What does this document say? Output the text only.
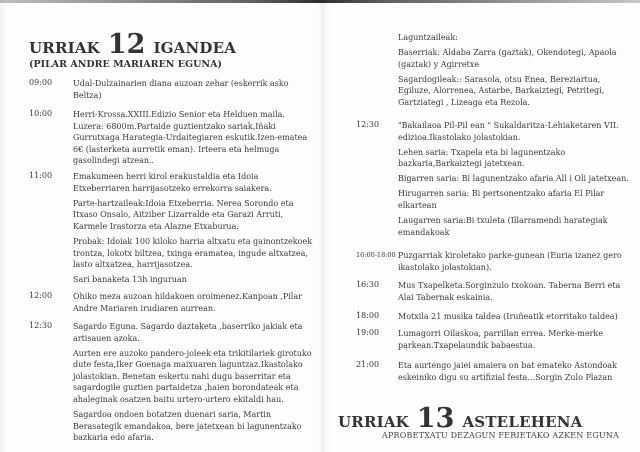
URRIAK 12 IGANDEA
(PILAR ANDRE MARIAREN EGUNA)
09:00	Udal-Dulzainarien diana auzoan zehar (eskerrik asko Beltza)

10:00	Herri-Krossa.XXIII.Edizio Senior eta Helduen maila. Luzera: 6800m.Partaide guztientzako sariak,Iñaki Gurrutxaga Harategia-Urdaitegiaren eskutik.Izen-ematea 6€ (lasterketa aurretik eman). Irteera eta helmuga gasolindegi atzean..

11:00	Emakumeen herri kirol erakustaldia eta Idoia Etxeberriaren harrijasotzeko errekorra saiakera.

Parte-hartzaileak:Idoia Etxeberria. Nerea Sorondo eta Itxaso Onsalo, Aitziber Lizarralde eta Garazi Arruti, Karmele Irastorza eta Alazne Etxaburua.

Probak: Idoiak 100 kiloko harria altxatu eta gainontzekoek trontza, lokotx biltzea, txinga eramatea, ingude altxatzea, lasto altxatzea, harrijasotzea.

Sari banaketa 13h inguruan

12:00	Ohiko meza auzoan hildakoen oroimenez.Kanpoan ,Pilar Andre Mariaren irudiaren aurrean.

12:30	Sagardo Eguna. Sagardo daztaketa ,baserriko jakiak eta artisauen azoka.

Aurten ere auzoko pandero-joleek eta trikitilariek girotuko dute festa,Iker Goenaga maixuaren laguntzaz.Ikastolako jolastokian. Benetan eskertu nahi dugu baserritar eta sagardogile guztien partaidetza ,haien borondateak eta ahaleginak osatzen baitu urtero-urtero ekitaldi hau.

Sagardoa ondoen botatzen duenari saria, Martin Berasategik emandakoa, bere jatetxean bi lagunentzako bazkaria edo afaria.

Laguntzaileak:

Baserriak: Aldaba Zarra (gaztak), Okendotegi, Apaola (gaztak) y Agirretxe

Sagardogileak:: Sarasola, otsu Enea, Bereziartua, Egiluze, Alorrenea, Astarbe, Barkaiztegi, Petritegi, Gartziategi , Lizeaga eta Rezola.

12:30 "Bakailaoa Pil-Pil ean " Sukaldaritza-Lehiaketaren VII. edizioa.Ikastolako jolastokian.

Lehen saria: Txapela eta bi lagunentzako bazkaria,Barkaiztegi jatetxean.

Bigarren saria: Bi lagunentzako afaria All i Oli jatetxean.

Hirugarren saria: Bi pertsonentzako afaria El Pilar elkartean

Laugarren saria:Bi txuleta (Illarramendi harategiak emandakoak

16:00-18:00 Puzgarriak kiroletako parke-gunean (Euria izanez gero ikastolako jolastokian).

16:30 Mus Txapelketa.Sorginzulo txokoan. Taberna Berri eta Alai Tabernak eskainia.

18:00 Motxila 21 musika taldea (Iruñeatik etorritako taldea)

19:00 Lumagorri Oilaskoa, parrillan errea. Merke-merke parkean.Txapelaundik babaestua.

21:00 Eta aurtengo jaiei amaiera on bat emateko Astondoak eskeiniko digu su artifizial festa…Sorgin Zulo Plazan

URRIAK 13 ASTELEHENA
APROBETXATU DEZAGUN FERIETAKO AZKEN EGUNA
